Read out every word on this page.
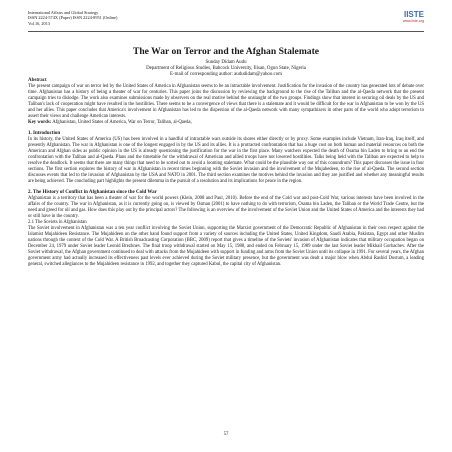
International Affairs and Global Strategy
ISSN 2224-574X (Paper) ISSN 2224-8951 (Online)
Vol.16, 2013
IISTE
www.iiste.org
The War on Terror and the Afghan Stalemate
Sunday Didam Audu
Department of Religious Studies, Babcock University, Ilisan, Ogun State, Nigeria
E-mail of corresponding author: aududidam@yahoo.com
Abstract

The present campaign of war on terror led by the United States of America in Afghanistan seems to be an intractable involvement. Justification for the invasion of the country has generated lots of debate over time. Afghanistan has a history of being a theater of war for centuries. This paper joins the discussion by reviewing the background to the rise of the Taliban and the al-Qaeda network that the present campaign tries to dislodge. The work also examines submissions made by observers on the real motive behind the onslaught of the two groups. Findings show that interest in securing oil deals by the US and Taliban's lack of cooperation might have resulted in the hostilities. There seems to be a convergence of views that there is a stalemate and it would be difficult for the war in Afghanistan to be won by the US and her allies. This paper concludes that America's involvement in Afghanistan has led to the dispersion of the al-Qaeda network with many sympathizers in other parts of the world who adopt terrorism to assert their views and challenge American interests.

Key words: Afghanistan, United States of America, War on Terror, Taliban, al-Qaeda,

1. Introduction

In its history, the United States of America (US) has been involved in a handful of intractable wars outside its shores either directly or by proxy. Some examples include Vietnam, Iran-Iraq, Iraq itself, and presently Afghanistan. The war in Afghanistan is one of the longest engaged in by the US and its allies. It is a protracted confrontation that has a huge cost on both human and material resources on both the American and Afghan sides as public opinion in the US is already questioning the justification for the war in the first place. Many watchers expected the death of Osama bin Laden to bring to an end the confrontation with the Taliban and al-Qaeda. Plans and the timetable for the withdrawal of American and allied troops have not lowered hostilities. Talks being held with the Taliban are expected to help to resolve the deadlock. It seems that there are many things that need to be sorted out to avoid a looming stalemate. What could be the plausible way out of this conundrum? This paper discusses the issue in four sections. The first section explores the history of war in Afghanistan in recent times beginning with the Soviet invasion and the involvement of the Mujahedeen, to the rise of al-Qaeda. The second section discusses events that led to the invasion of Afghanistan by the USA and NATO in 2001. The third section examines the motives behind the invasion and they are justified and whether any meaningful results are being achieved. The concluding part highlights the present dilemma in the pursuit of a resolution and its implications for peace in the region.

2. The History of Conflict in Afghanistan since the Cold War

Afghanistan is a territory that has been a theater of war for the world powers (Klein, 2008 and Paul, 2010). Before the end of the Cold war and post-Cold War, various interests have been involved in the affairs of the country. The war in Afghanistan, as it is currently going on, is viewed by Osman (2001) to have nothing to do with terrorism, Osama bin Laden, the Taliban or the World Trade Centre, but the need and greed for oil and gas. How does this play out by the principal actors? The following is an overview of the involvement of the Soviet Union and the United States of America and the interests they had or still have in the country.

2.1 The Soviets in Afghanistan

The Soviet involvement in Afghanistan was a ten year conflict involving the Soviet Union, supporting the Marxist government of the Democratic Republic of Afghanistan in their own respect against the Islamist Mujahideen Resistance. The Mujahideen on the other hand found support from a variety of sources including the United States, United Kingdom, Saudi Arabia, Pakistan, Egypt and other Muslim nations through the context of the Cold War. A British Broadcasting Corporation (BBC, 2009) report that gives a timeline of the Soviets' invasion of Afghanistan indicates that military occupation began on December 24, 1979 under Soviet leader Leonid Brezhnev. The final troop withdrawal started on May 15, 1988, and ended on February 15, 1989 under the last Soviet leader Mikhail Gorbachev. After the Soviet withdrawal, the Afghan government continued to deal with attacks from the Mujahideen with support in funding and arms from the Soviet Union until its collapse in 1991. For several years, the Afghan government army had actually increased its effectiveness past levels ever achieved during the Soviet military presence, but the government was dealt a major blow when Abdul Rashid Dostum, a leading general, switched allegiances to the Mujahideen resistance in 1992, and together they captured Kabul, the capital city of Afghanistan.

57
